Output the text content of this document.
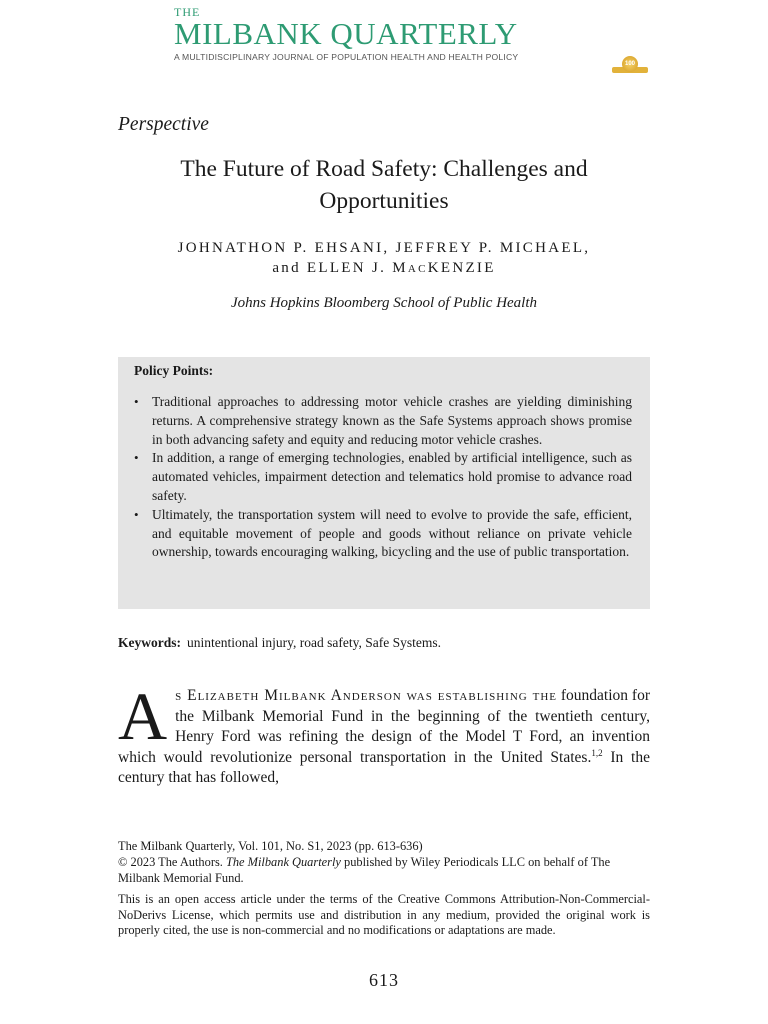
THE
MILBANK QUARTERLY
A MULTIDISCIPLINARY JOURNAL OF POPULATION HEALTH AND HEALTH POLICY
100
Perspective
The Future of Road Safety: Challenges and Opportunities
JOHNATHON P. EHSANI, JEFFREY P. MICHAEL,
and ELLEN J. MACKENZIE
Johns Hopkins Bloomberg School of Public Health

Policy Points:

• Traditional approaches to addressing motor vehicle crashes are yielding diminishing returns. A comprehensive strategy known as the Safe Systems approach shows promise in both advancing safety and equity and reducing motor vehicle crashes.
• In addition, a range of emerging technologies, enabled by artificial intelligence, such as automated vehicles, impairment detection and telematics hold promise to advance road safety.
• Ultimately, the transportation system will need to evolve to provide the safe, efficient, and equitable movement of people and goods without reliance on private vehicle ownership, towards encouraging walking, bicycling and the use of public transportation.
Keywords: unintentional injury, road safety, Safe Systems.
As Elizabeth Milbank Anderson was establishing the foundation for the Milbank Memorial Fund in the beginning of the twentieth century, Henry Ford was refining the design of the Model T Ford, an invention which would revolutionize personal transportation in the United States.$^{1,2}$ In the century that has followed,

The Milbank Quarterly, Vol. 101, No. S1, 2023 (pp. 613-636)

© 2023 The Authors. The Milbank Quarterly published by Wiley Periodicals LLC on behalf of The Milbank Memorial Fund.

This is an open access article under the terms of the Creative Commons Attribution-Non-Commercial-NoDerivs License, which permits use and distribution in any medium, provided the original work is properly cited, the use is non-commercial and no modifications or adaptations are made.

613
